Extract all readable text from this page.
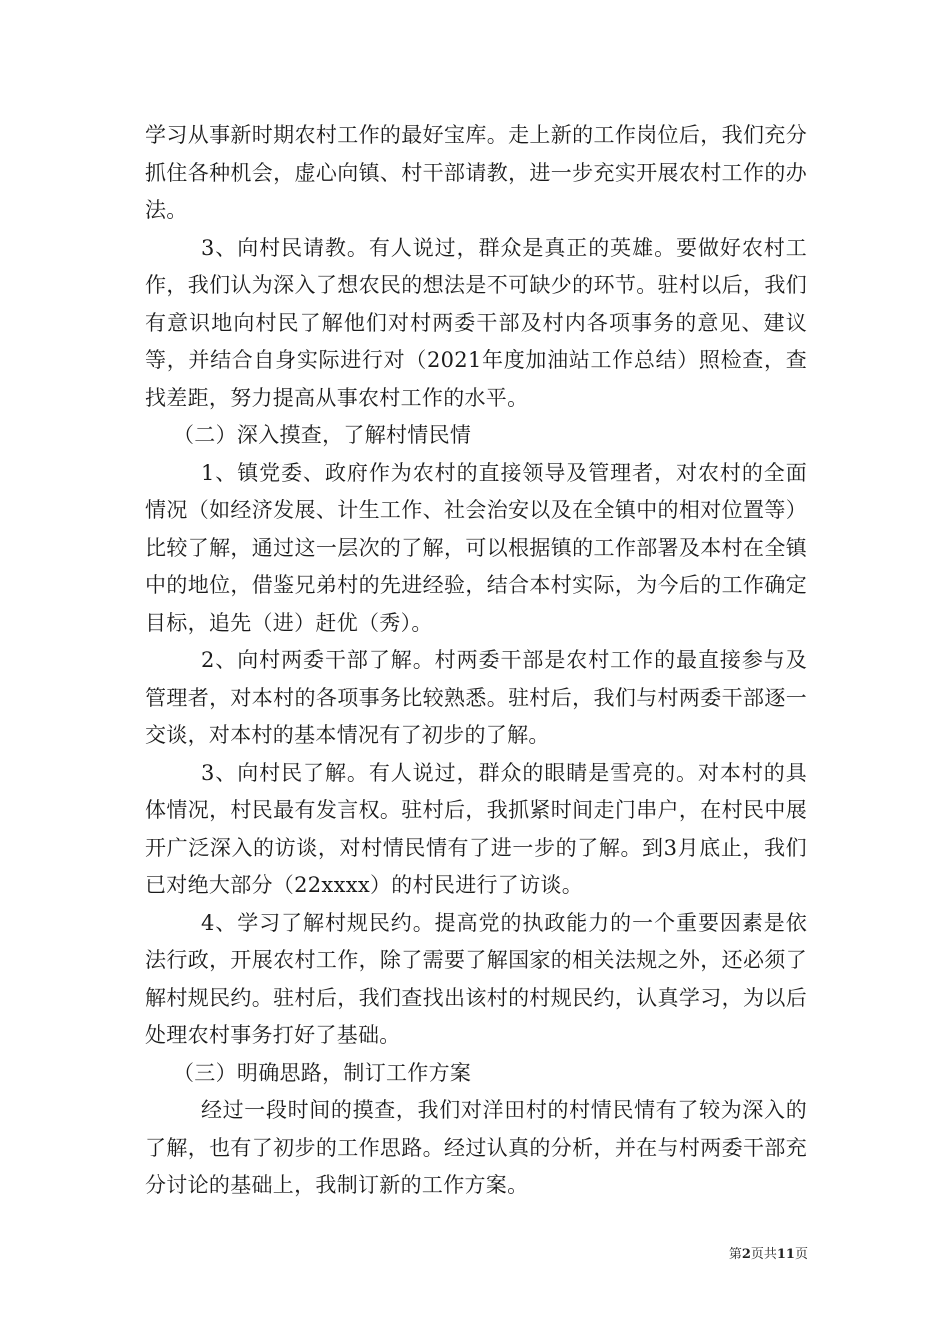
学习从事新时期农村工作的最好宝库。走上新的工作岗位后，我们充分抓住各种机会，虚心向镇、村干部请教，进一步充实开展农村工作的办法。

3、向村民请教。有人说过，群众是真正的英雄。要做好农村工作，我们认为深入了想农民的想法是不可缺少的环节。驻村以后，我们有意识地向村民了解他们对村两委干部及村内各项事务的意见、建议等，并结合自身实际进行对（2021年度加油站工作总结）照检查，查找差距，努力提高从事农村工作的水平。

（二）深入摸查，了解村情民情

1、镇党委、政府作为农村的直接领导及管理者，对农村的全面情况（如经济发展、计生工作、社会治安以及在全镇中的相对位置等）比较了解，通过这一层次的了解，可以根据镇的工作部署及本村在全镇中的地位，借鉴兄弟村的先进经验，结合本村实际，为今后的工作确定目标，追先（进）赶优（秀）。

2、向村两委干部了解。村两委干部是农村工作的最直接参与及管理者，对本村的各项事务比较熟悉。驻村后，我们与村两委干部逐一交谈，对本村的基本情况有了初步的了解。

3、向村民了解。有人说过，群众的眼睛是雪亮的。对本村的具体情况，村民最有发言权。驻村后，我抓紧时间走门串户，在村民中展开广泛深入的访谈，对村情民情有了进一步的了解。到3月底止，我们已对绝大部分（22xxxx）的村民进行了访谈。

4、学习了解村规民约。提高党的执政能力的一个重要因素是依法行政，开展农村工作，除了需要了解国家的相关法规之外，还必须了解村规民约。驻村后，我们查找出该村的村规民约，认真学习，为以后处理农村事务打好了基础。

（三）明确思路，制订工作方案

经过一段时间的摸查，我们对洋田村的村情民情有了较为深入的了解，也有了初步的工作思路。经过认真的分析，并在与村两委干部充分讨论的基础上，我制订新的工作方案。

第2页共11页
